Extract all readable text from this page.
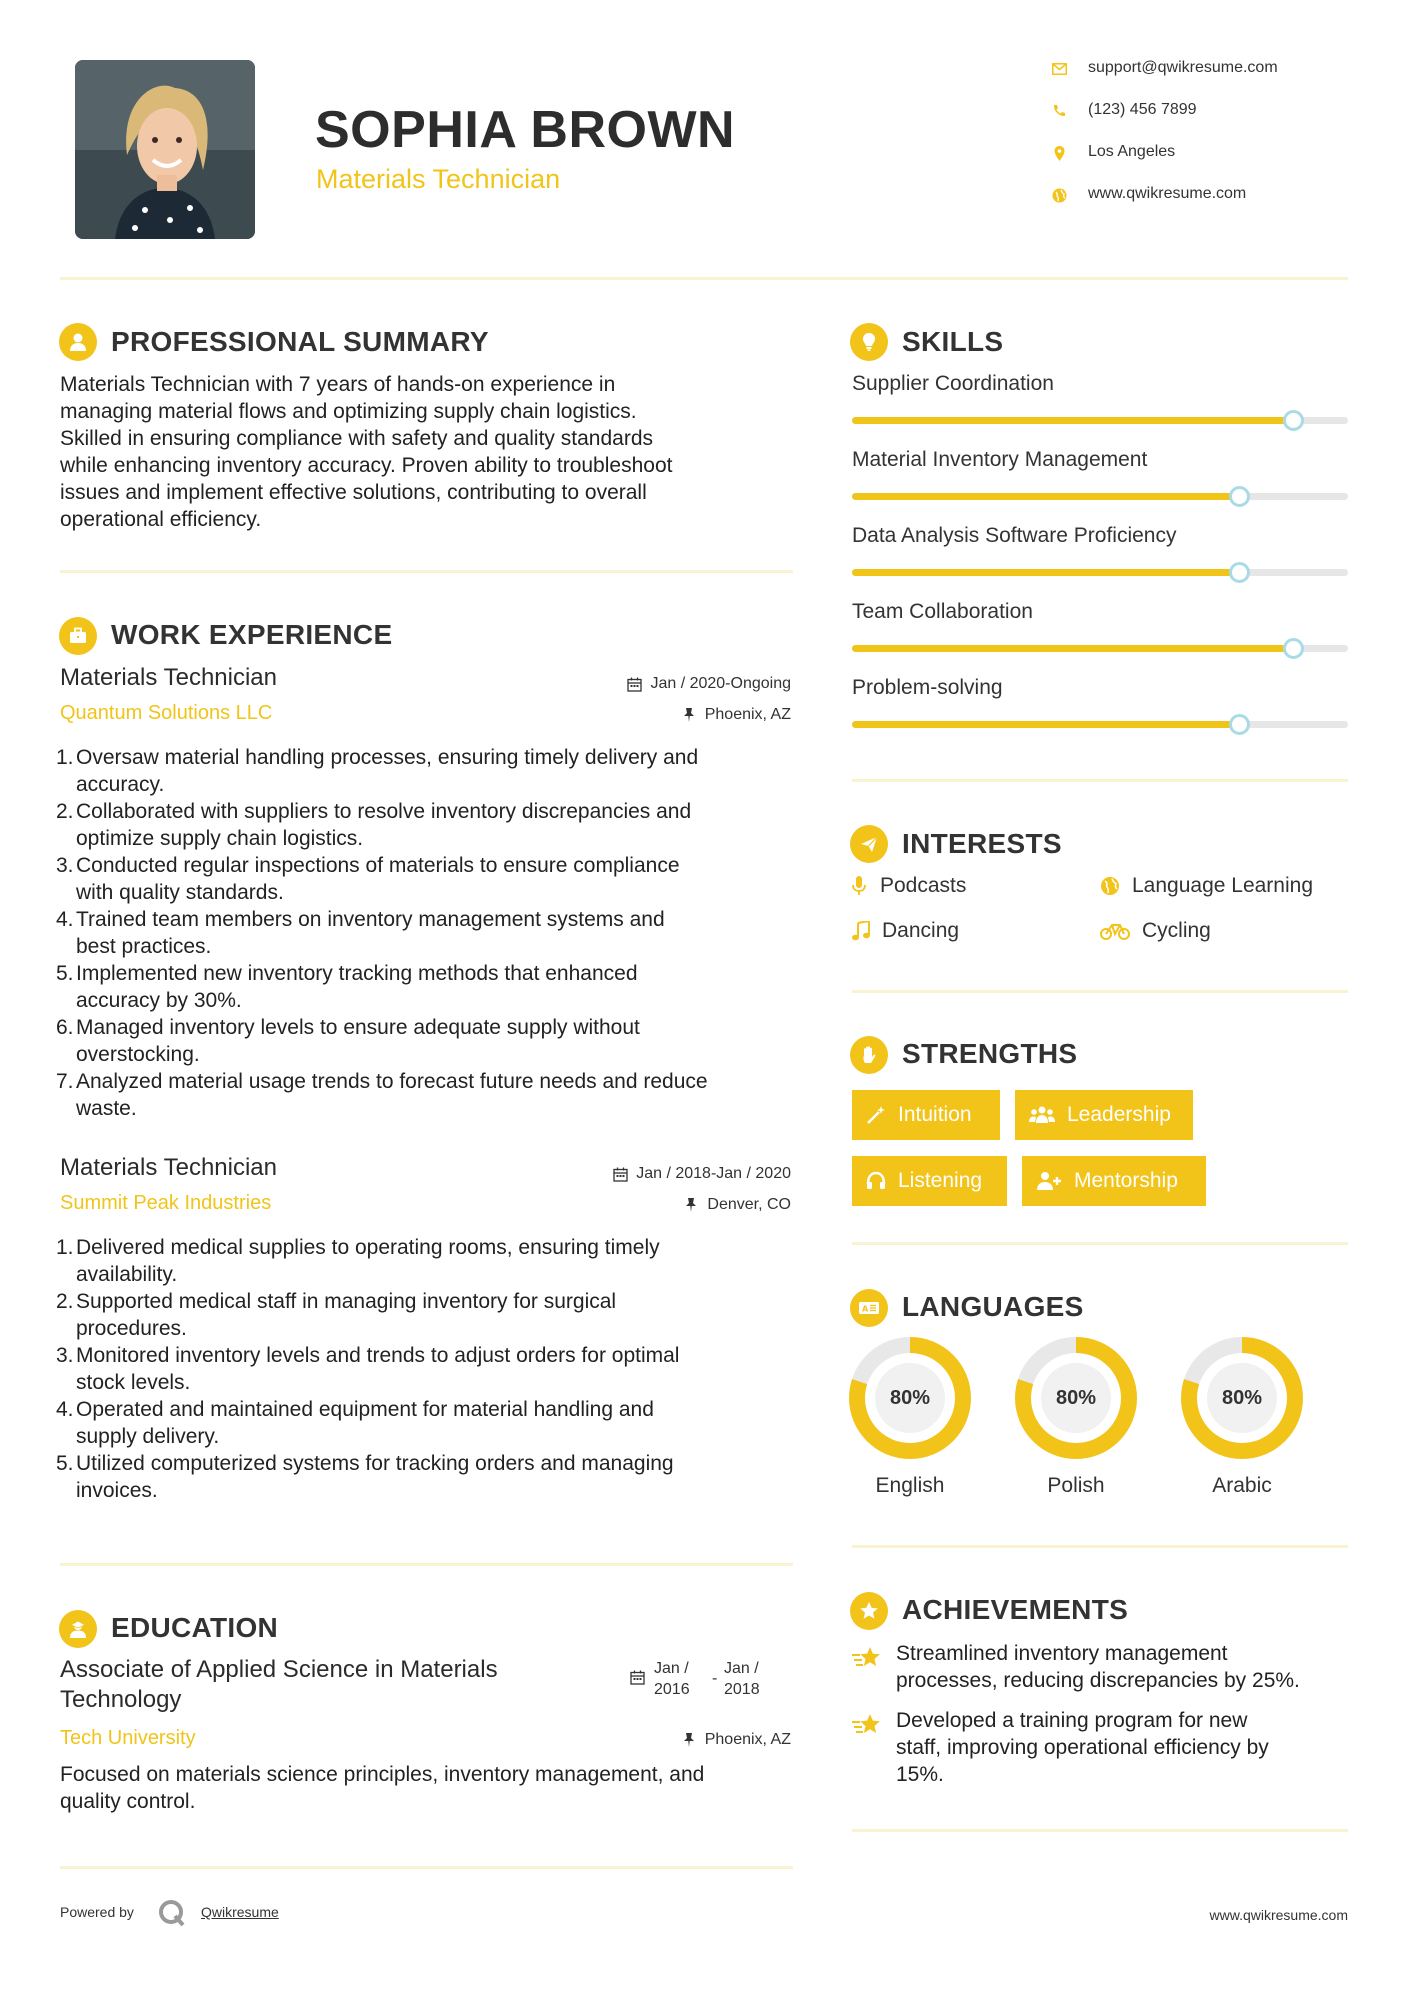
SOPHIA BROWN
Materials Technician
support@qwikresume.com
(123) 456 7899
Los Angeles
www.qwikresume.com
PROFESSIONAL SUMMARY
Materials Technician with 7 years of hands-on experience in
managing material flows and optimizing supply chain logistics.
Skilled in ensuring compliance with safety and quality standards
while enhancing inventory accuracy. Proven ability to troubleshoot
issues and implement effective solutions, contributing to overall
operational efficiency.
WORK EXPERIENCE
Materials Technician
Quantum Solutions LLC
Jan / 2020-Ongoing
Phoenix, AZ
1. Oversaw material handling processes, ensuring timely delivery and
accuracy.
2. Collaborated with suppliers to resolve inventory discrepancies and
optimize supply chain logistics.
3. Conducted regular inspections of materials to ensure compliance
with quality standards.
4. Trained team members on inventory management systems and
best practices.
5. Implemented new inventory tracking methods that enhanced
accuracy by 30%.
6. Managed inventory levels to ensure adequate supply without
overstocking.
7. Analyzed material usage trends to forecast future needs and reduce
waste.
Materials Technician
Summit Peak Industries
Jan / 2018-Jan / 2020
Denver, CO
1. Delivered medical supplies to operating rooms, ensuring timely
availability.
2. Supported medical staff in managing inventory for surgical
procedures.
3. Monitored inventory levels and trends to adjust orders for optimal
stock levels.
4. Operated and maintained equipment for material handling and
supply delivery.
5. Utilized computerized systems for tracking orders and managing
invoices.
EDUCATION
Associate of Applied Science in Materials
Technology
Tech University
Jan /
2016
-
Jan /
2018
Phoenix, AZ
Focused on materials science principles, inventory management, and
quality control.
SKILLS
Supplier Coordination
Material Inventory Management
Data Analysis Software Proficiency
Team Collaboration
Problem-solving
INTERESTS
Podcasts	Language Learning
Dancing	Cycling
STRENGTHS
Intuition	Leadership
Listening	Mentorship
A LANGUAGES
80%
English
80%
Polish
80%
Arabic
ACHIEVEMENTS
Streamlined inventory management
processes, reducing discrepancies by 25%.
Developed a training program for new
staff, improving operational efficiency by
15%.
Powered by	Qwikresume	www.qwikresume.com
